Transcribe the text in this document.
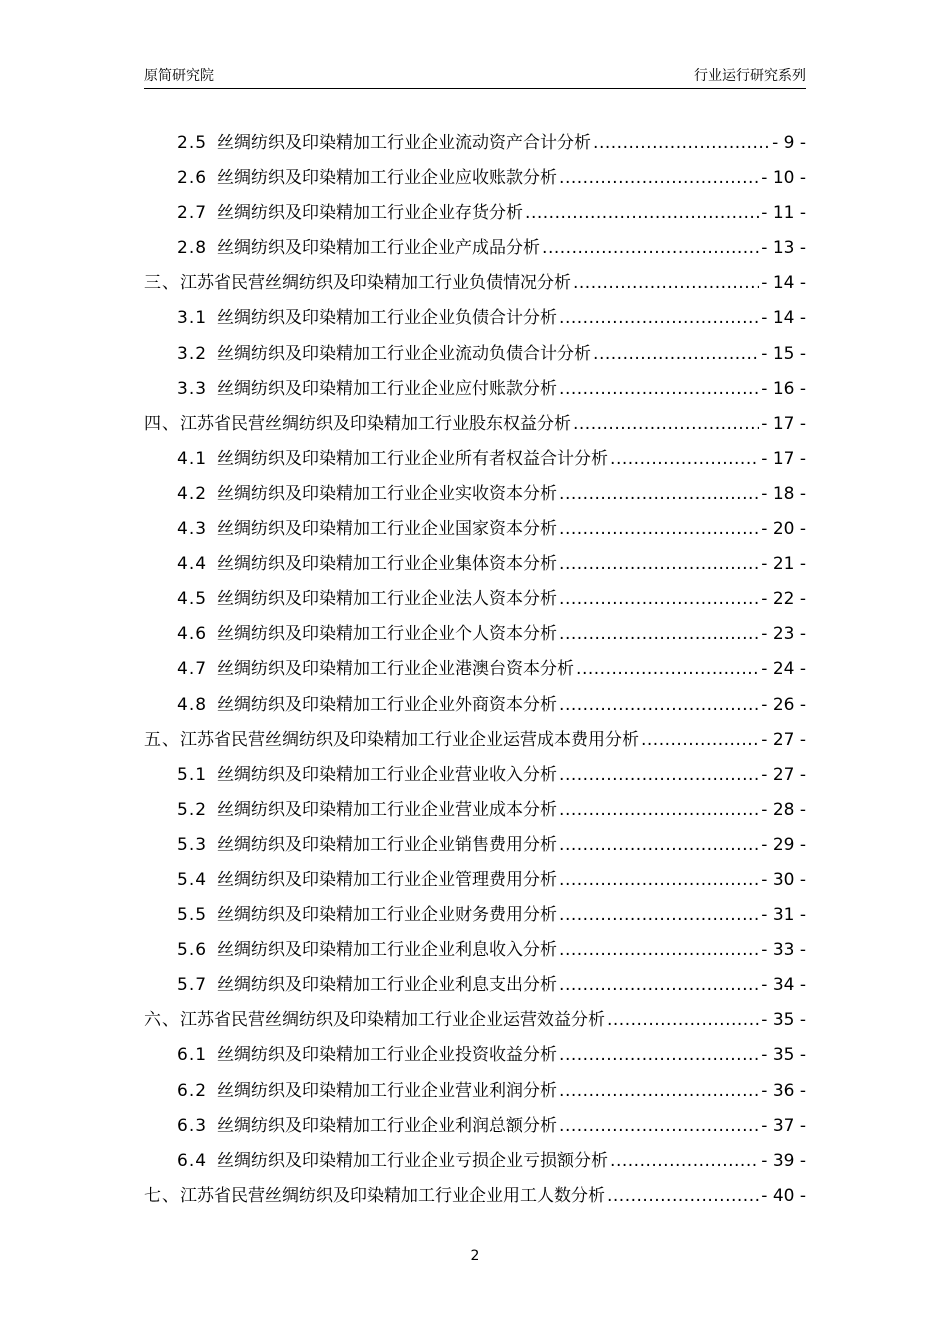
原简研究院	行业运行研究系列
2.5 丝绸纺织及印染精加工行业企业流动资产合计分析 .....	- 9 -
2.6 丝绸纺织及印染精加工行业企业应收账款分析 .....	- 10 -
2.7 丝绸纺织及印染精加工行业企业存货分析 .....	- 11 -
2.8 丝绸纺织及印染精加工行业企业产成品分析 .....	- 13 -
三、 江苏省民营丝绸纺织及印染精加工行业负债情况分析 .....	- 14 -
3.1 丝绸纺织及印染精加工行业企业负债合计分析 .....	- 14 -
3.2 丝绸纺织及印染精加工行业企业流动负债合计分析 .....	- 15 -
3.3 丝绸纺织及印染精加工行业企业应付账款分析 .....	- 16 -
四、 江苏省民营丝绸纺织及印染精加工行业股东权益分析 .....	- 17 -
4.1 丝绸纺织及印染精加工行业企业所有者权益合计分析 .....	- 17 -
4.2 丝绸纺织及印染精加工行业企业实收资本分析 .....	- 18 -
4.3 丝绸纺织及印染精加工行业企业国家资本分析 .....	- 20 -
4.4 丝绸纺织及印染精加工行业企业集体资本分析 .....	- 21 -
4.5 丝绸纺织及印染精加工行业企业法人资本分析 .....	- 22 -
4.6 丝绸纺织及印染精加工行业企业个人资本分析 .....	- 23 -
4.7 丝绸纺织及印染精加工行业企业港澳台资本分析 .....	- 24 -
4.8 丝绸纺织及印染精加工行业企业外商资本分析 .....	- 26 -
五、 江苏省民营丝绸纺织及印染精加工行业企业运营成本费用分析 .....	- 27 -
5.1 丝绸纺织及印染精加工行业企业营业收入分析 .....	- 27 -
5.2 丝绸纺织及印染精加工行业企业营业成本分析 .....	- 28 -
5.3 丝绸纺织及印染精加工行业企业销售费用分析 .....	- 29 -
5.4 丝绸纺织及印染精加工行业企业管理费用分析 .....	- 30 -
5.5 丝绸纺织及印染精加工行业企业财务费用分析 .....	- 31 -
5.6 丝绸纺织及印染精加工行业企业利息收入分析 .....	- 33 -
5.7 丝绸纺织及印染精加工行业企业利息支出分析 .....	- 34 -
六、 江苏省民营丝绸纺织及印染精加工行业企业运营效益分析 .....	- 35 -
6.1 丝绸纺织及印染精加工行业企业投资收益分析 .....	- 35 -
6.2 丝绸纺织及印染精加工行业企业营业利润分析 .....	- 36 -
6.3 丝绸纺织及印染精加工行业企业利润总额分析 .....	- 37 -
6.4 丝绸纺织及印染精加工行业企业亏损企业亏损额分析 .....	- 39 -
七、 江苏省民营丝绸纺织及印染精加工行业企业用工人数分析 .....	- 40 -
2
